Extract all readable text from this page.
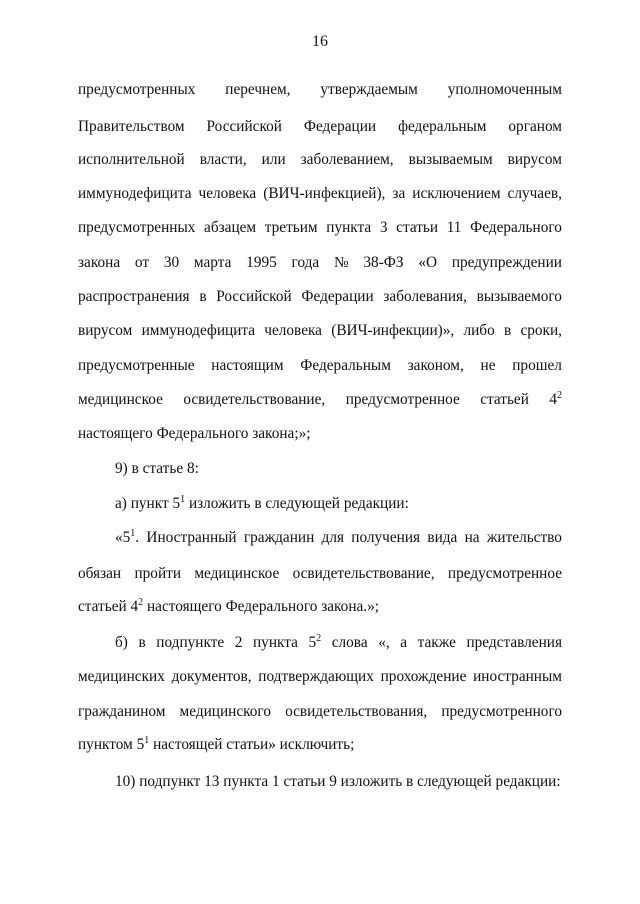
16
предусмотренных перечнем, утверждаемым уполномоченным
Правительством Российской Федерации федеральным органом
исполнительной власти, или заболеванием, вызываемым вирусом
иммунодефицита человека (ВИЧ-инфекцией), за исключением случаев,
предусмотренных абзацем третьим пункта 3 статьи 11 Федерального
закона от 30 марта 1995 года № 38-ФЗ «О предупреждении
распространения в Российской Федерации заболевания, вызываемого
вирусом иммунодефицита человека (ВИЧ-инфекции)», либо в сроки,
предусмотренные настоящим Федеральным законом, не прошел
медицинское освидетельствование, предусмотренное статьей $4^2$
настоящего Федерального закона;»;
9) в статье 8:
а) пункт $5^1$ изложить в следующей редакции:
«$5^1$. Иностранный гражданин для получения вида на жительство
обязан пройти медицинское освидетельствование, предусмотренное
статьей $4^2$ настоящего Федерального закона.»;
б) в подпункте 2 пункта $5^2$ слова «, а также представления
медицинских документов, подтверждающих прохождение иностранным
гражданином медицинского освидетельствования, предусмотренного
пунктом $5^1$ настоящей статьи» исключить;
10) подпункт 13 пункта 1 статьи 9 изложить в следующей редакции:
